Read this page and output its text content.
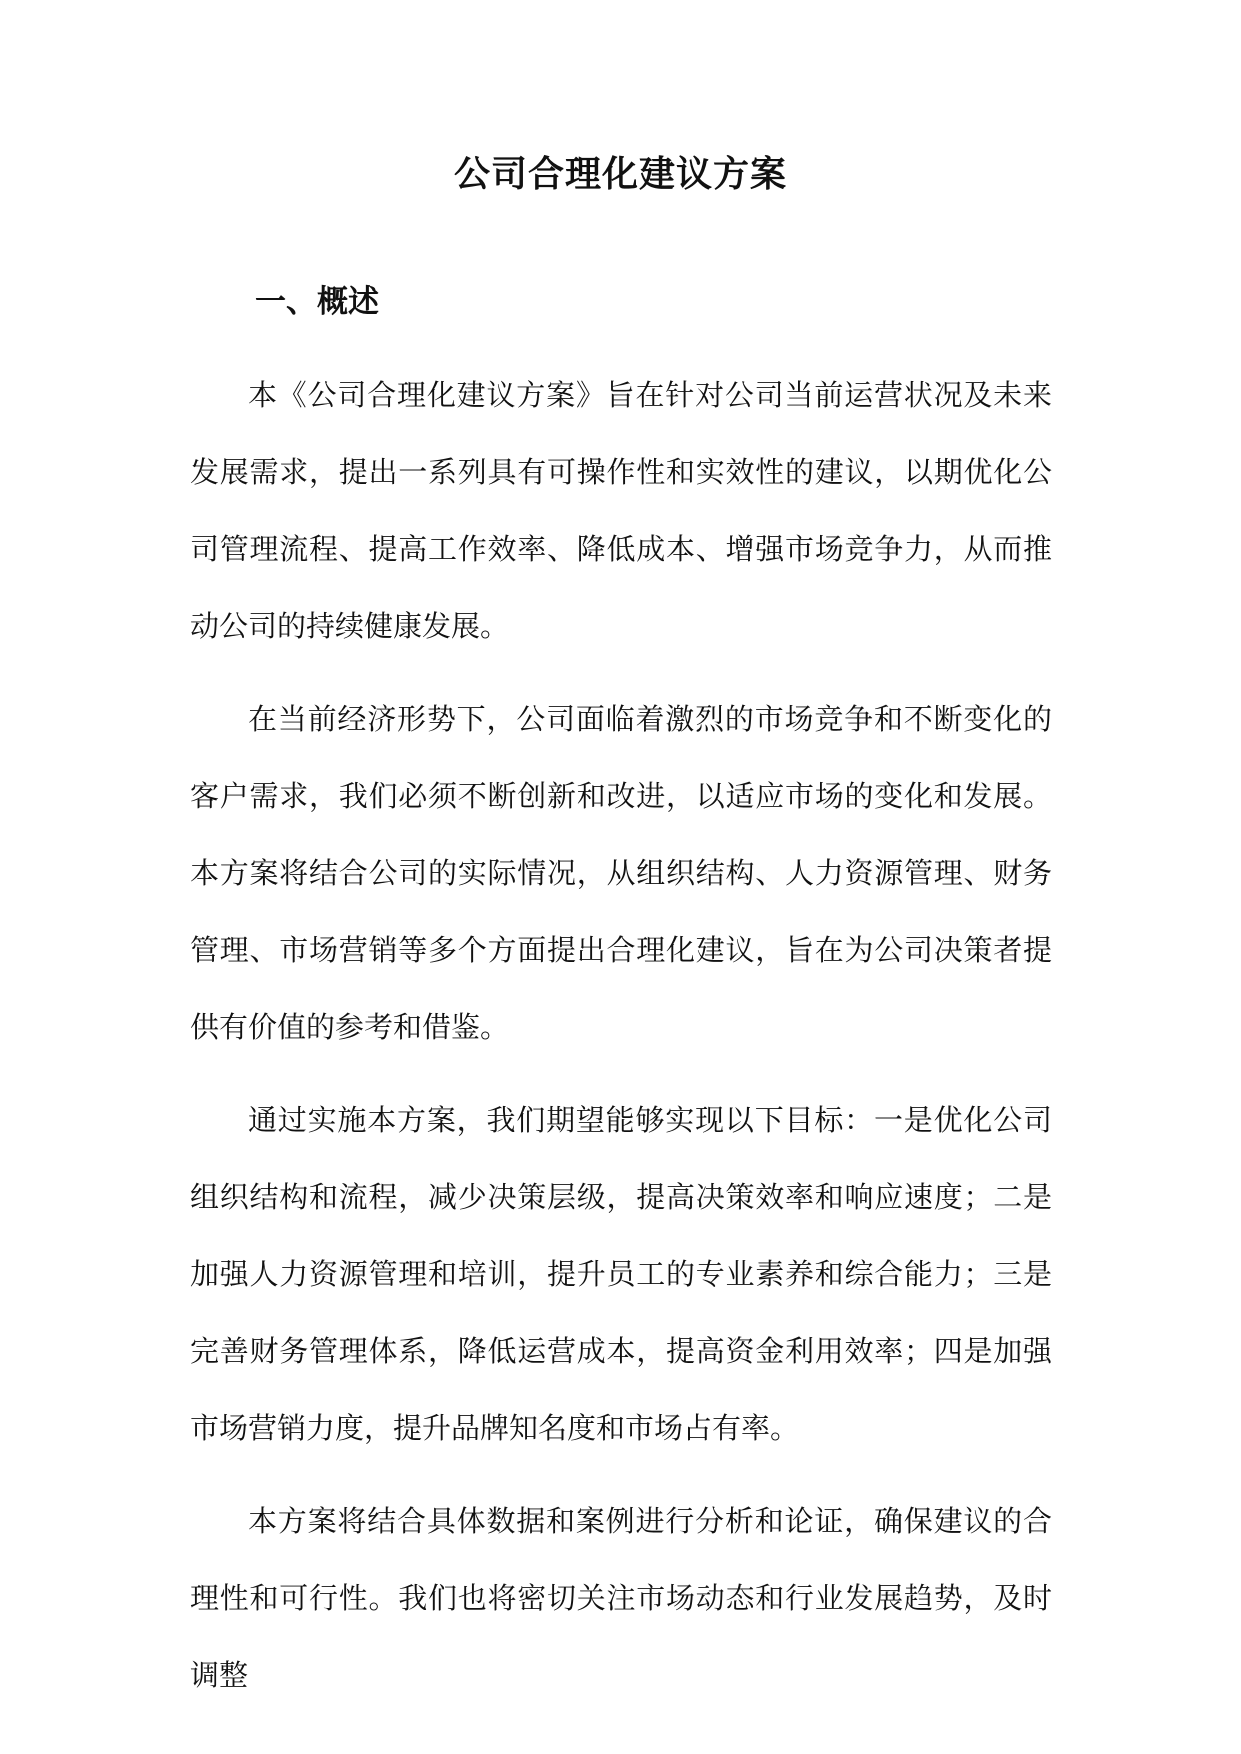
公司合理化建议方案
一、概述

本《公司合理化建议方案》旨在针对公司当前运营状况及未来发展需求，提出一系列具有可操作性和实效性的建议，以期优化公司管理流程、提高工作效率、降低成本、增强市场竞争力，从而推动公司的持续健康发展。

在当前经济形势下，公司面临着激烈的市场竞争和不断变化的客户需求，我们必须不断创新和改进，以适应市场的变化和发展。本方案将结合公司的实际情况，从组织结构、人力资源管理、财务管理、市场营销等多个方面提出合理化建议，旨在为公司决策者提供有价值的参考和借鉴。

通过实施本方案，我们期望能够实现以下目标：一是优化公司组织结构和流程，减少决策层级，提高决策效率和响应速度；二是加强人力资源管理和培训，提升员工的专业素养和综合能力；三是完善财务管理体系，降低运营成本，提高资金利用效率；四是加强市场营销力度，提升品牌知名度和市场占有率。

本方案将结合具体数据和案例进行分析和论证，确保建议的合理性和可行性。我们也将密切关注市场动态和行业发展趋势，及时调整
